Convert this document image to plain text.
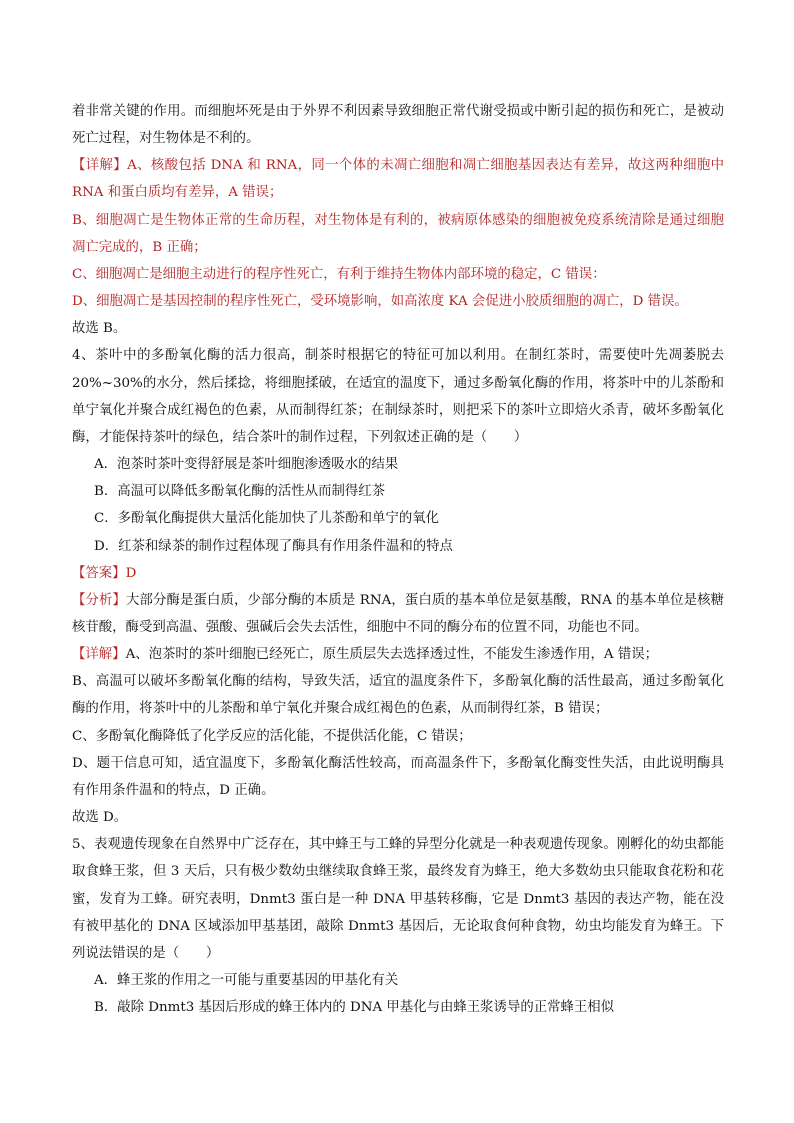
着非常关键的作用。而细胞坏死是由于外界不利因素导致细胞正常代谢受损或中断引起的损伤和死亡，是被动死亡过程，对生物体是不利的。

【详解】A、核酸包括 DNA 和 RNA，同一个体的未凋亡细胞和凋亡细胞基因表达有差异，故这两种细胞中 RNA 和蛋白质均有差异，A 错误；

B、细胞凋亡是生物体正常的生命历程，对生物体是有利的，被病原体感染的细胞被免疫系统清除是通过细胞凋亡完成的，B 正确；

C、细胞凋亡是细胞主动进行的程序性死亡，有利于维持生物体内部环境的稳定，C 错误：

D、细胞凋亡是基因控制的程序性死亡，受环境影响，如高浓度 KA 会促进小胶质细胞的凋亡，D 错误。

故选 B。

4、茶叶中的多酚氧化酶的活力很高，制茶时根据它的特征可加以利用。在制红茶时，需要使叶先凋萎脱去 20%~30%的水分，然后揉捻，将细胞揉破，在适宜的温度下，通过多酚氧化酶的作用，将茶叶中的儿茶酚和单宁氧化并聚合成红褐色的色素，从而制得红茶；在制绿茶时，则把采下的茶叶立即焙火杀青，破坏多酚氧化酶，才能保持茶叶的绿色，结合茶叶的制作过程，下列叙述正确的是（　　）

A．泡茶时茶叶变得舒展是茶叶细胞渗透吸水的结果

B．高温可以降低多酚氧化酶的活性从而制得红茶

C．多酚氧化酶提供大量活化能加快了儿茶酚和单宁的氧化

D．红茶和绿茶的制作过程体现了酶具有作用条件温和的特点

【答案】D

【分析】大部分酶是蛋白质，少部分酶的本质是 RNA，蛋白质的基本单位是氨基酸，RNA 的基本单位是核糖核苷酸，酶受到高温、强酸、强碱后会失去活性，细胞中不同的酶分布的位置不同，功能也不同。

【详解】A、泡茶时的茶叶细胞已经死亡，原生质层失去选择透过性，不能发生渗透作用，A 错误；

B、高温可以破坏多酚氧化酶的结构，导致失活，适宜的温度条件下，多酚氧化酶的活性最高，通过多酚氧化酶的作用，将茶叶中的儿茶酚和单宁氧化并聚合成红褐色的色素，从而制得红茶，B 错误；

C、多酚氧化酶降低了化学反应的活化能，不提供活化能，C 错误；

D、题干信息可知，适宜温度下，多酚氧化酶活性较高，而高温条件下，多酚氧化酶变性失活，由此说明酶具有作用条件温和的特点，D 正确。

故选 D。

5、表观遗传现象在自然界中广泛存在，其中蜂王与工蜂的异型分化就是一种表观遗传现象。刚孵化的幼虫都能取食蜂王浆，但 3 天后，只有极少数幼虫继续取食蜂王浆，最终发育为蜂王，绝大多数幼虫只能取食花粉和花蜜，发育为工蜂。研究表明，Dnmt3 蛋白是一种 DNA 甲基转移酶，它是 Dnmt3 基因的表达产物，能在没有被甲基化的 DNA 区域添加甲基基团，敲除 Dnmt3 基因后，无论取食何种食物，幼虫均能发育为蜂王。下列说法错误的是（　　）

A．蜂王浆的作用之一可能与重要基因的甲基化有关

B．敲除 Dnmt3 基因后形成的蜂王体内的 DNA 甲基化与由蜂王浆诱导的正常蜂王相似
